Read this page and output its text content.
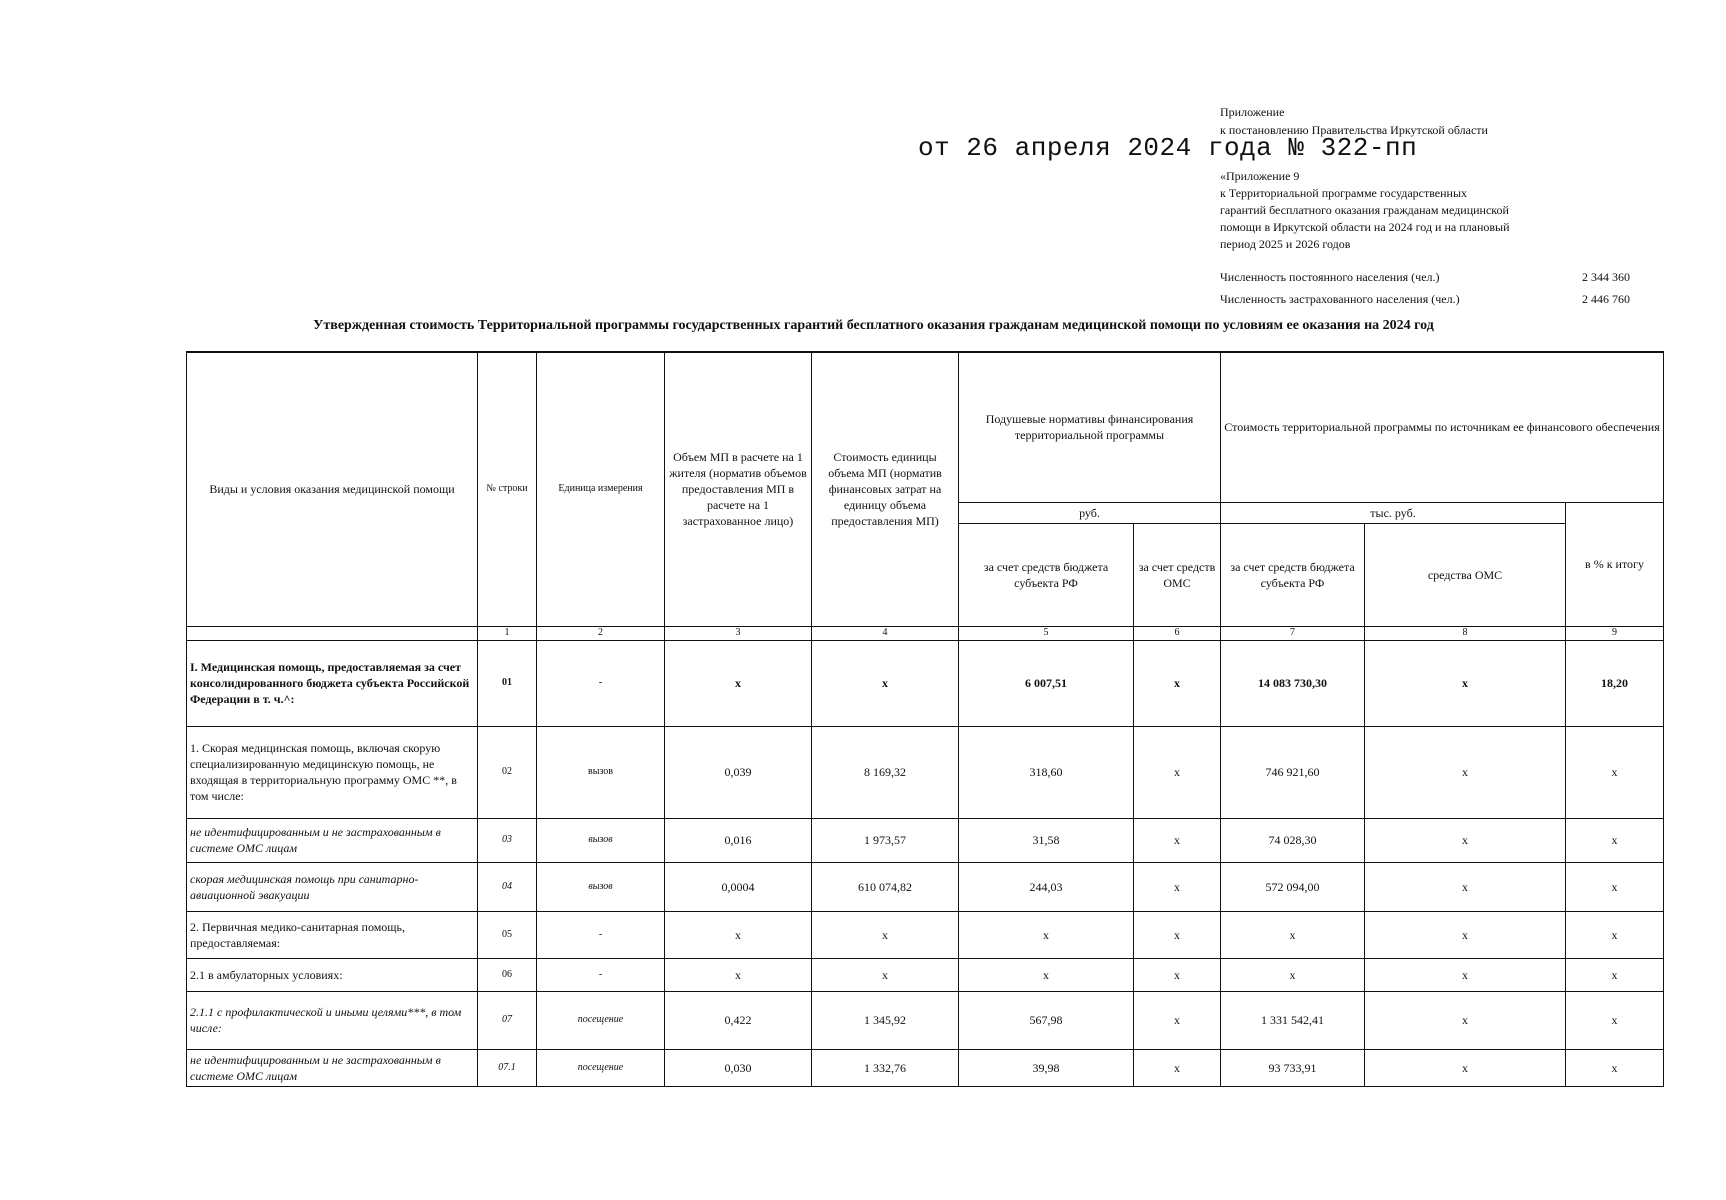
Приложение
к постановлению Правительства Иркутской области
от 26 апреля 2024 года № 322-пп
«Приложение 9
к Территориальной программе государственных
гарантий бесплатного оказания гражданам медицинской
помощи в Иркутской области на 2024 год и на плановый
период 2025 и 2026 годов
Численность постоянного населения (чел.)	2 344 360
Численность застрахованного населения (чел.)	2 446 760
Утвержденная стоимость Территориальной программы государственных гарантий бесплатного оказания гражданам медицинской помощи по условиям ее оказания на 2024 год
Виды и условия оказания медицинской помощи	№ строки	Единица измерения	Объем МП в расчете на 1 жителя (норматив объемов предоставления МП в расчете на 1 застрахованное лицо)	Стоимость единицы объема МП (норматив финансовых затрат на единицу объема предоставления МП)	Подушевые нормативы финансирования территориальной программы		Стоимость территориальной программы по источникам ее финансового обеспечения		
					руб.		тыс. руб.		в % к итогу
					за счет средств бюджета субъекта РФ	за счет средств ОМС	за счет средств бюджета субъекта РФ	средства ОМС	
	1	2	3	4	5	6	7	8	9
I. Медицинская помощь, предоставляемая за счет консолидированного бюджета субъекта Российской Федерации в т. ч.^:	01	-	х	х	6 007,51	х	14 083 730,30	х	18,20
1. Скорая медицинская помощь, включая скорую специализированную медицинскую помощь, не входящая в территориальную программу ОМС **, в том числе:	02	вызов	0,039	8 169,32	318,60	х	746 921,60	х	х
не идентифицированным и не застрахованным в системе ОМС лицам	03	вызов	0,016	1 973,57	31,58	х	74 028,30	х	х
скорая медицинская помощь при санитарно-авиационной эвакуации	04	вызов	0,0004	610 074,82	244,03	х	572 094,00	х	х
2. Первичная медико-санитарная помощь, предоставляемая:	05	-	х	х	х	х	х	х	х
2.1 в амбулаторных условиях:	06	-	х	х	х	х	х	х	х
2.1.1 с профилактической и иными целями***, в том числе:	07	посещение	0,422	1 345,92	567,98	х	1 331 542,41	х	х
не идентифицированным и не застрахованным в системе ОМС лицам	07.1	посещение	0,030	1 332,76	39,98	х	93 733,91	х	х
